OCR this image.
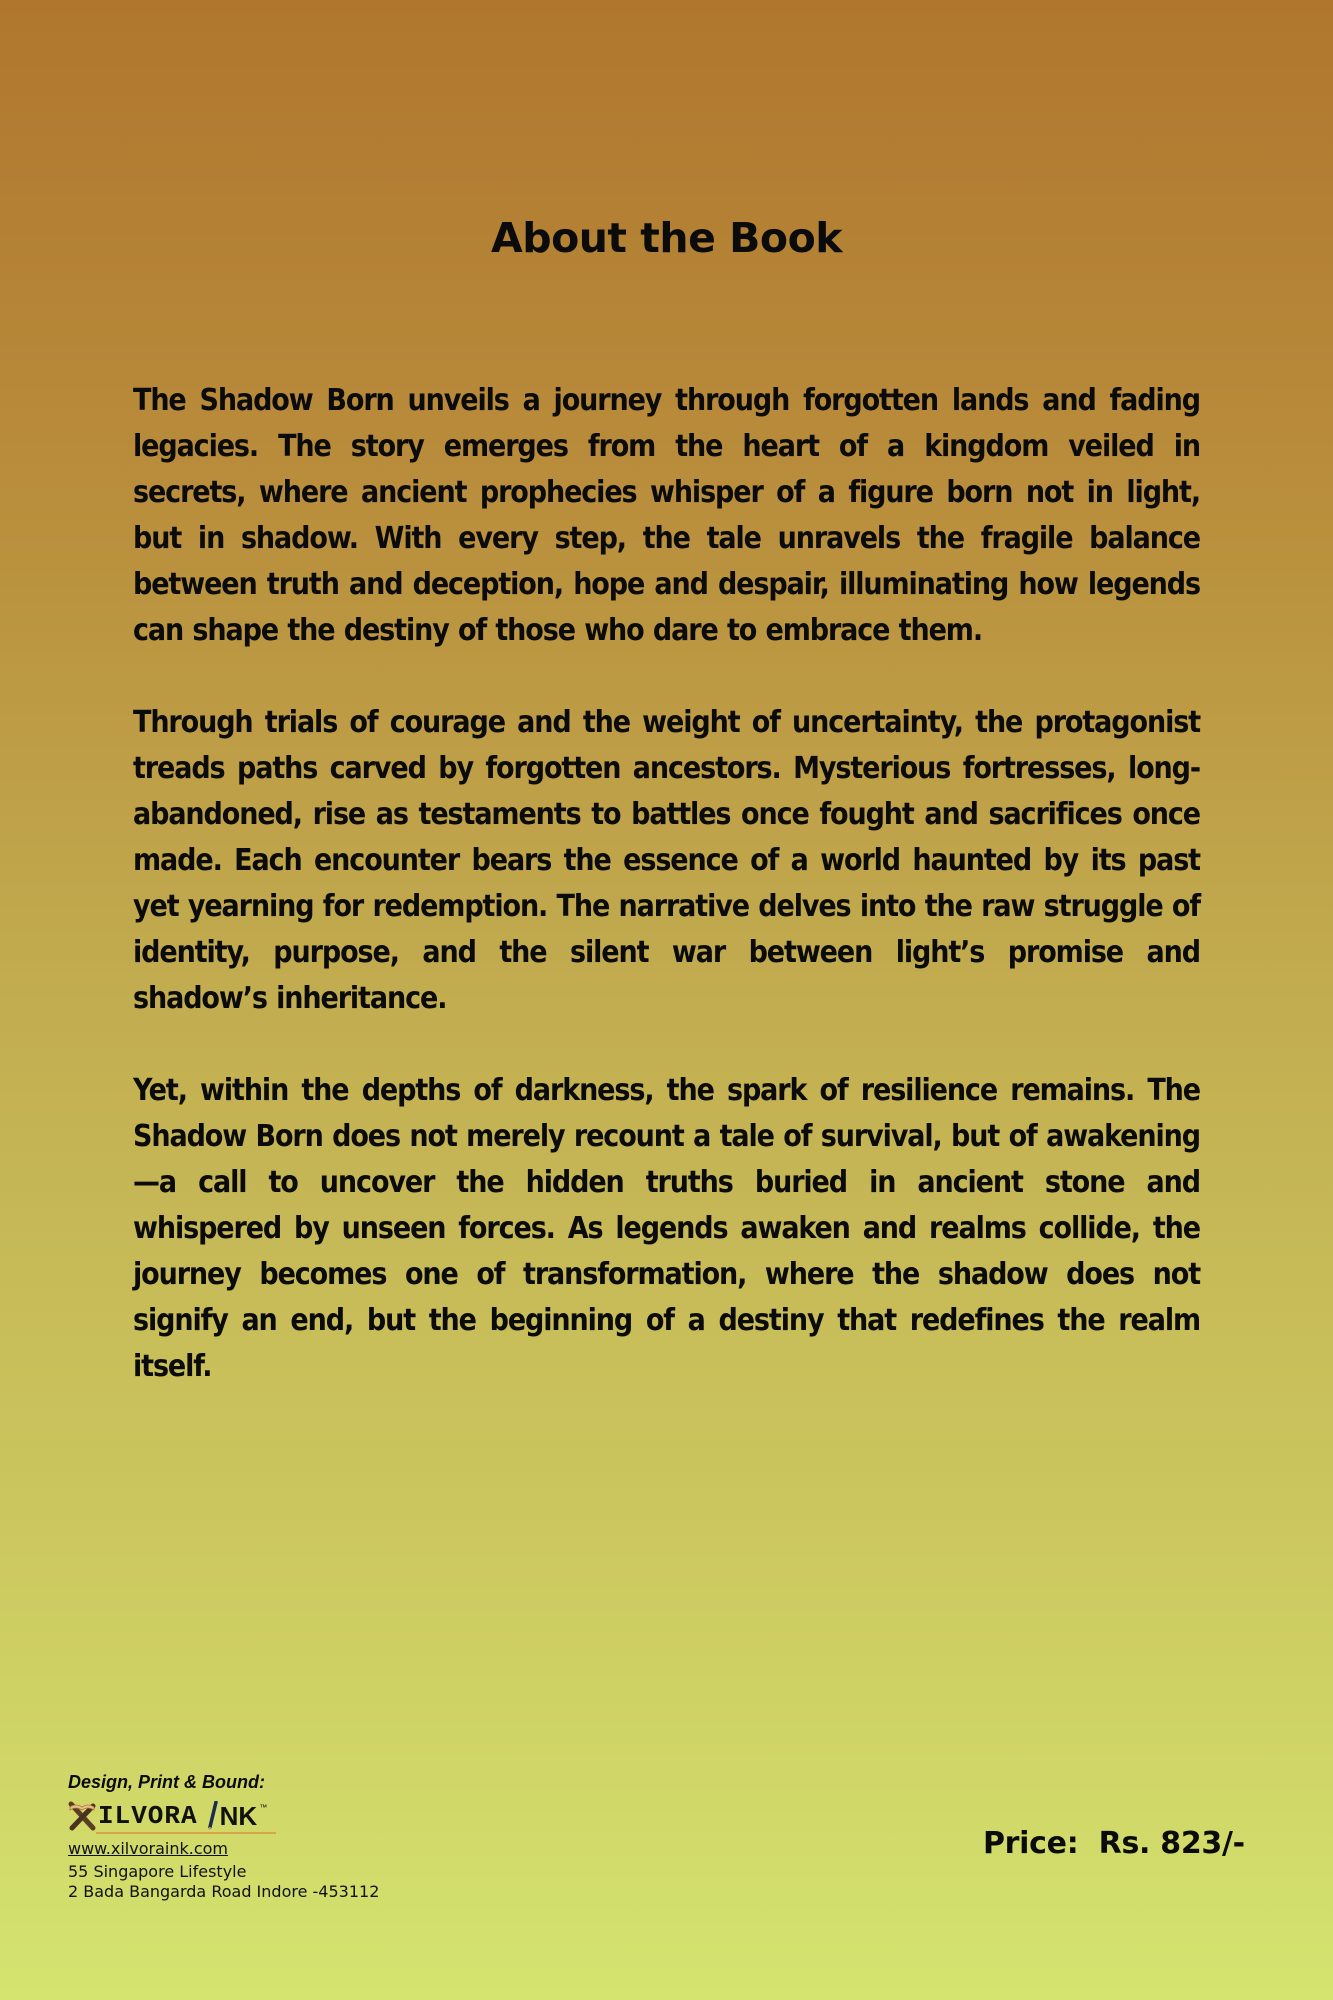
About the Book

The Shadow Born unveils a journey through forgotten lands and fading legacies. The story emerges from the heart of a kingdom veiled in secrets, where ancient prophecies whisper of a figure born not in light, but in shadow. With every step, the tale unravels the fragile balance between truth and deception, hope and despair, illuminating how legends can shape the destiny of those who dare to embrace them.

Through trials of courage and the weight of uncertainty, the protagonist treads paths carved by forgotten ancestors. Mysterious fortresses, long-abandoned, rise as testaments to battles once fought and sacrifices once made. Each encounter bears the essence of a world haunted by its past yet yearning for redemption. The narrative delves into the raw struggle of identity, purpose, and the silent war between light’s promise and shadow’s inheritance.

Yet, within the depths of darkness, the spark of resilience remains. The Shadow Born does not merely recount a tale of survival, but of awakening—a call to uncover the hidden truths buried in ancient stone and whispered by unseen forces. As legends awaken and realms collide, the journey becomes one of transformation, where the shadow does not signify an end, but the beginning of a destiny that redefines the realm itself.

Design, Print & Bound:
ILVORA NK ™
www.xilvoraink.com
55 Singapore Lifestyle
2 Bada Bangarda Road Indore -453112
Price:  Rs. 823/-
